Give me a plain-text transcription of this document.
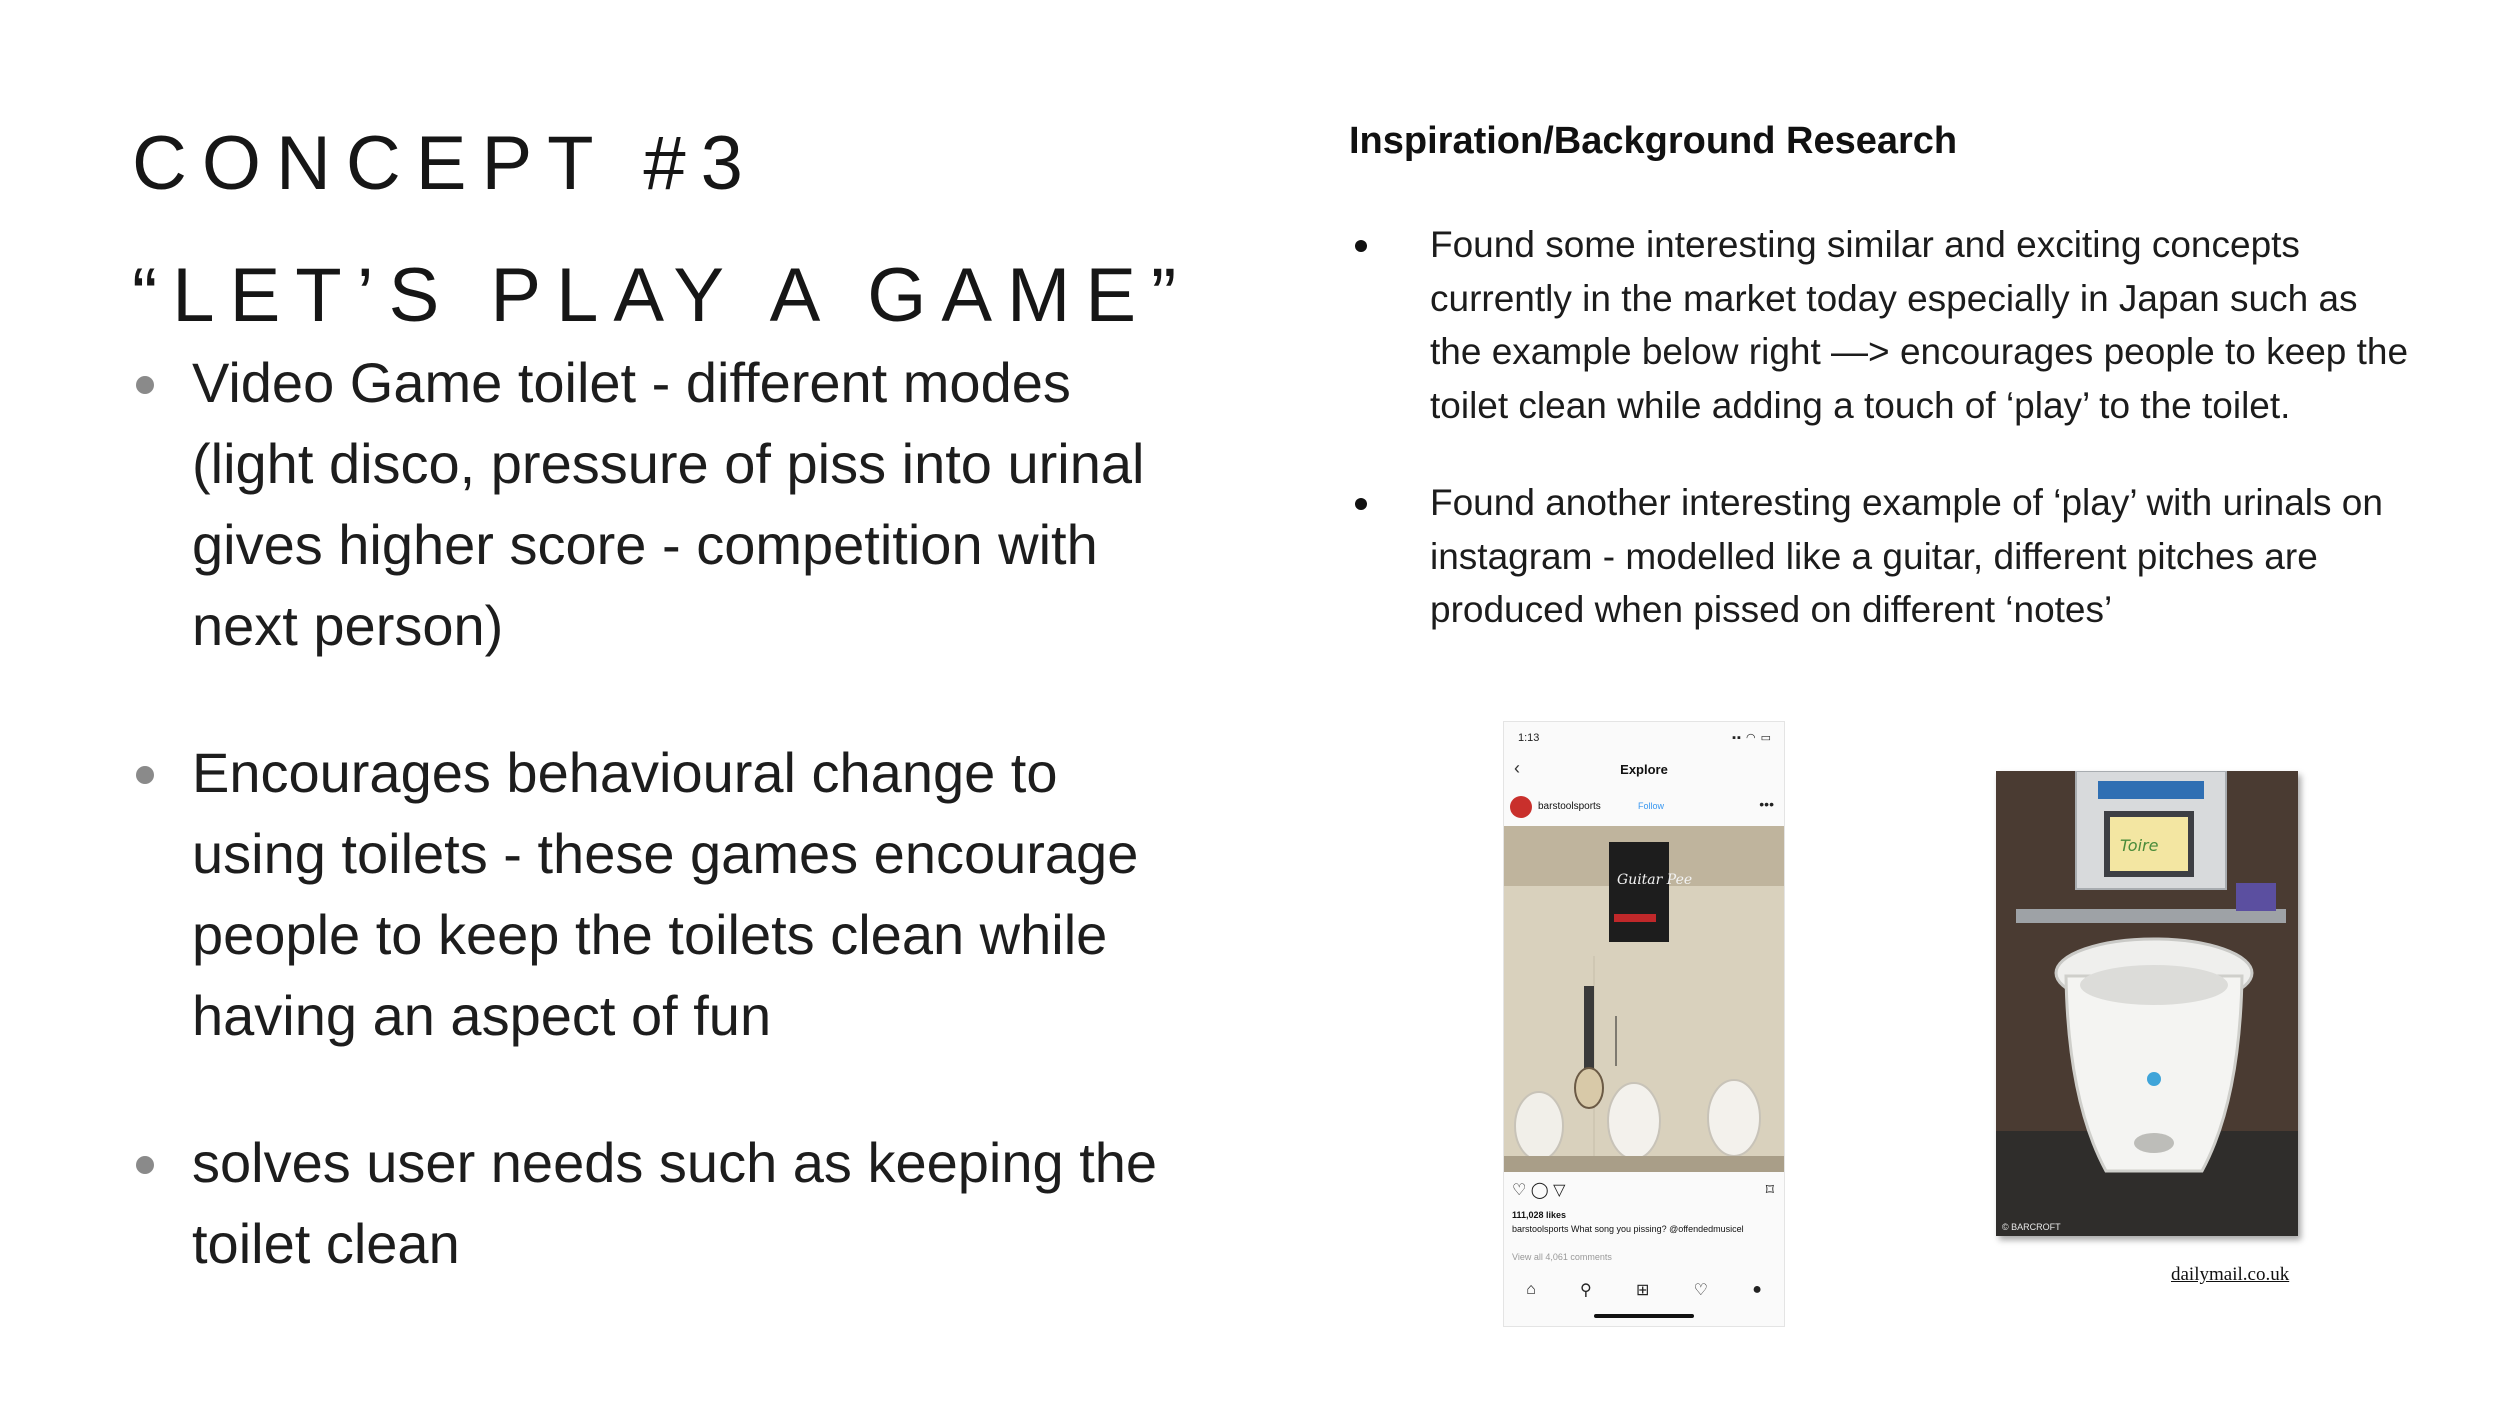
CONCEPT #3
“LET’S PLAY A GAME”
Video Game toilet - different modes (light disco, pressure of piss into urinal gives higher score - competition with next person)
Encourages behavioural change to using toilets - these games encourage people to keep the toilets clean while having an aspect of fun
solves user needs such as keeping the toilet clean
Inspiration/Background Research
Found some interesting similar and exciting concepts currently in the market today especially in Japan such as the example below right —> encourages people to keep the toilet clean while adding a touch of ‘play’ to the toilet.
Found another interesting example of ‘play’ with urinals on instagram - modelled like a guitar, different pitches are produced when pissed on different ‘notes’
1:13	▪▪ ◠ ▭
‹	Explore
barstoolsports	Follow	•••
Guitar Pee
♡ ◯ ▽	⌑
111,028 likes
barstoolsports What song you pissing? @offendedmusicel
View all 4,061 comments
⌂	⚲	⊞	♡	●
Toire
© BARCROFT
dailymail.co.uk
